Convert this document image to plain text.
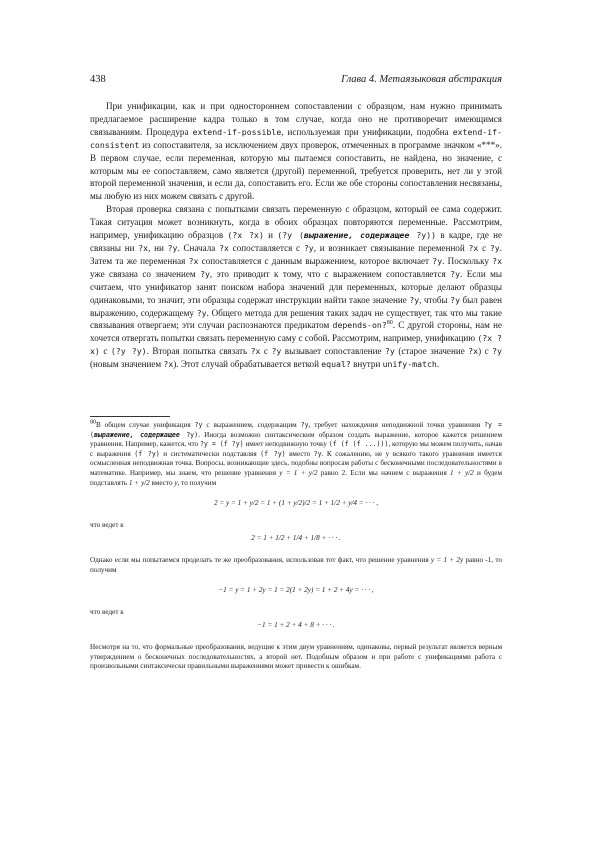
438	Глава 4. Метаязыковая абстракция

При унификации, как и при одностороннем сопоставлении с образцом, нам нужно принимать предлагаемое расширение кадра только в том случае, когда оно не противоречит имеющимся связываниям. Процедура extend-if-possible, используемая при унификации, подобна extend-if-consistent из сопоставителя, за исключением двух проверок, отмеченных в программе значком «***». В первом случае, если переменная, которую мы пытаемся сопоставить, не найдена, но значение, с которым мы ее сопоставляем, само является (другой) переменной, требуется проверить, нет ли у этой второй переменной значения, и если да, сопоставить его. Если же обе стороны сопоставления несвязаны, мы любую из них можем связать с другой.

Вторая проверка связана с попытками связать переменную с образцом, который ее сама содержит. Такая ситуация может возникнуть, когда в обоих образцах повторяются переменные. Рассмотрим, например, унификацию образцов (?x ?x) и (?y (выражение, содержащее ?y)) в кадре, где не связаны ни ?x, ни ?y. Сначала ?x сопоставляется с ?y, и возникает связывание переменной ?x с ?y. Затем та же переменная ?x сопоставляется с данным выражением, которое включает ?y. Поскольку ?x уже связана со значением ?y, это приводит к тому, что с выражением сопоставляется ?y. Если мы считаем, что унификатор занят поиском набора значений для переменных, которые делают образцы одинаковыми, то значит, эти образцы содержат инструкции найти такое значение ?y, чтобы ?y был равен выражению, содержащему ?y. Общего метода для решения таких задач не существует, так что мы такие связывания отвергаем; эти случаи распознаются предикатом depends-on?$^{80}$. С другой стороны, нам не хочется отвергать попытки связать переменную саму с собой. Рассмотрим, например, унификацию (?x ?x) с (?y ?y). Вторая попытка связать ?x с ?y вызывает сопоставление ?y (старое значение ?x) с ?y (новым значением ?x). Этот случай обрабатывается веткой equal? внутри unify-match.

$^{80}$В общем случае унификация ?y с выражением, содержащим ?y, требует нахождения неподвижной точки уравнения ?y = (выражение, содержащее ?y). Иногда возможно синтаксическим образом создать выражение, которое кажется решением уравнения. Например, кажется, что ?y = (f ?y) имеет неподвижную точку (f (f (f ...))), которую мы можем получить, начав с выражения (f ?y) и систематически подставляя (f ?y) вместо ?y. К сожалению, не у всякого такого уравнения имеется осмысленная неподвижная точка. Вопросы, возникающие здесь, подобны вопросам работы с бесконечными последовательностями в математике. Например, мы знаем, что решение уравнения y = 1 + y/2 равно 2. Если мы начнем с выражения 1 + y/2 и будем подставлять 1 + y/2 вместо y, то получим

2 = y = 1 + y/2 = 1 + (1 + y/2)/2 = 1 + 1/2 + y/4 = · · · ,

что ведет к

2 = 1 + 1/2 + 1/4 + 1/8 + · · · .

Однако если мы попытаемся проделать те же преобразования, использовав тот факт, что решение уравнения y = 1 + 2y равно -1, то получим

−1 = y = 1 + 2y = 1 = 2(1 + 2y) = 1 + 2 + 4y = · · · ,

что ведет к

−1 = 1 + 2 + 4 + 8 + · · · .

Несмотря на то, что формальные преобразования, ведущие к этим двум уравнениям, одинаковы, первый результат является верным утверждением о бесконечных последовательностях, а второй нет. Подобным образом и при работе с унификациями работа с произвольными синтаксически правильными выражениями может привести к ошибкам.
